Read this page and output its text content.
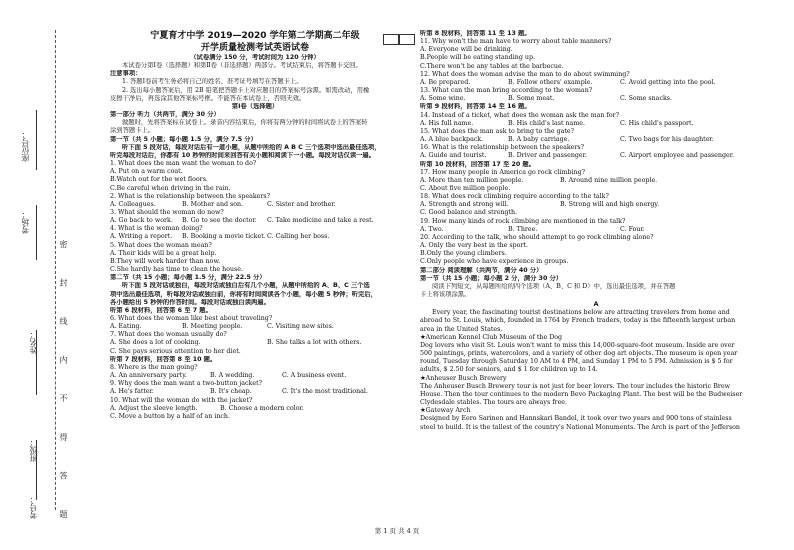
班级：
姓名：
考场：
座位号：
考号：	密 封 线 内 不 得 答 题
宁夏育才中学 2019—2020 学年第二学期高二年级
开学质量检测考试英语试卷
（试卷满分 150 分，考试时间为 120 分钟）
本试卷分第Ⅰ卷（选择题）和第Ⅱ卷（非选择题）两部分。考试结束后，将答题卡交回。
注意事项：
1. 答题Ⅰ卷前考生务必将自己的姓名、准考证号填写在答题卡上。
2. 选出每小题答案后，用 2B 铅笔把答题卡上对应题目的答案标号涂黑。如需改动，用橡
皮擦干净后，再选涂其他答案标号框。不能答在本试卷上，否则无效。
第Ⅰ卷（选择题）
第一部分 听力（共两节，满分 30 分）
做题时，先将答案标在试卷上。录音内容结束后，你将有两分钟的时间将试卷上的答案转
涂到答题卡上。
第一节（共 5 小题；每小题 1.5 分，满分 7.5 分）
听下面 5 段对话，每段对话后有一道小题，从题中所给的 A B C 三个选项中选出最佳选项，
听完每段对话后，你都有 10 秒钟的时间来回答有关小题和阅读下一小题。每段对话仅读一遍。
1. What does the man want the woman to do?
A. Put on a warm coat.
B.Watch out for the wet floors.
C.Be careful when driving in the rain.
2. What is the relationship between the speakers?
A. Colleagues.	B. Mother and son.	C. Sister and brother.
3. What should the woman do now?
A. Go back to work.	B. Go to see the doctor.	C. Take medicine and take a rest.
4. What is the woman doing?
A. Writing a report.	B. Booking a movie ticket. C. Calling her boss.
5. What does the woman mean?
A. Their kids will be a great help.
B.They will work harder than now.
C.She hardly has time to clean the house.
第二节（共 15 小题；每小题 1.5 分，满分 22.5 分）
听下面 5 段对话或独白，每段对话或独白后有几个小题，从题中所给的 A、B、C 三个选
项中选出最佳选项，听每段对话或独白前，你将有时间阅读各个小题，每小题 5 秒钟；听完后，
各小题给出 5 秒钟的作答时间。每段对话或独白读两遍。
听第 6 段材料，回答第 6 至 7 题。
6. What does the woman like best about traveling?
A. Eating.	B. Meeting people.	C. Visiting new sites.
7. What does the woman usually do?
A. She does a lot of cooking.	B. She talks a lot with others.
C. She pays serious attention to her diet.
听第 7 段材料，回答第 8 至 10 题。
8. Where is the man going?
A. An anniversary party.	B. A wedding.	C. A business event.
9. Why does the man want a two-button jacket?
A. He's fatter.	B. It's cheap.	C. It's the most traditional.
10. What will the woman do with the jacket?
A. Adjust the sleeve length.	B. Choose a modern color.
C. Move a button by a half of an inch.
听第 8 段材料，回答第 11 至 13 题。
11. Why won't the man have to worry about table manners?
A. Everyone will be drinking.
B.People will be eating standing up.
C.There won't be any tables at the barbecue.
12. What does the woman advise the man to do about swimming?
A. Be prepared.	B. Follow others' example.	C. Avoid getting into the pool.
13. What can the man bring according to the woman?
A. Some wine.	B. Some meat.	C. Some snacks.
听第 9 段材料，回答第 14 至 16 题。
14. Instead of a ticket, what does the woman ask the man for?
A. His full name.	B. His child's last name.	C. His child's passport.
15. What does the man ask to bring to the gate?
A. A blue backpack.	B. A baby carriage.	C. Two bags for his daughter.
16. What is the relationship between the speakers?
A. Guide and tourist.	B. Driver and passenger.	C. Airport employee and passenger.
听第 10 段材料，回答第 17 至 20 题。
17. How many people in America go rock climbing?
A. More than ten million people.	B. Around nine million people.
C. About five million people.
18. What does rock climbing require according to the talk?
A. Strength and strong will.	B. Strong will and high energy.
C. Good balance and strength.
19. How many kinds of rock climbing are mentioned in the talk?
A. Two.	B. Three.	C. Four.
20. According to the talk, who should attempt to go rock climbing alone?
A. Only the very best in the sport.
B.Only the young climbers.
C.Only people who have experience in groups.
第二部分 阅读理解（共两节，满分 40 分）
第一节（共 15 小题；每小题 2 分，满分 30 分）
阅读下列短文，从每题所给的四个选项（A、B、C 和 D）中，选出最佳选项，并在答题
卡上将该项涂黑。
A
Every year, the fascinating tourist destinations below are attracting travelers from home and
abroad to St. Louis, which, founded in 1764 by French traders, today is the fifteenth largest urban
area in the United States.
★American Kennel Club Museum of the Dog
Dog lovers who visit St. Louis won't want to miss this 14,000-square-foot museum. Inside are over
500 paintings, prints, watercolors, and a variety of other dog art objects. The museum is open year
round, Tuesday through Saturday 10 AM to 4 PM, and Sunday 1 PM to 5 PM. Admission is $ 5 for
adults, $ 2.50 for seniors, and $ 1 for children up to 14.
★Anheuser Busch Brewery
The Anheuser Busch Brewery tour is not just for beer lovers. The tour includes the historic Brew
House. Then the tour continues to the modern Bevo Packaging Plant. The best will be the Budweiser
Clydesdale stables. The tours are always free.
★Gateway Arch
Designed by Eero Sarinen and Hannskari Bandel, it took over two years and 900 tons of stainless
steel to build. It is the tallest of the country's National Monuments. The Arch is part of the Jefferson
第 1 页 共 4 页
